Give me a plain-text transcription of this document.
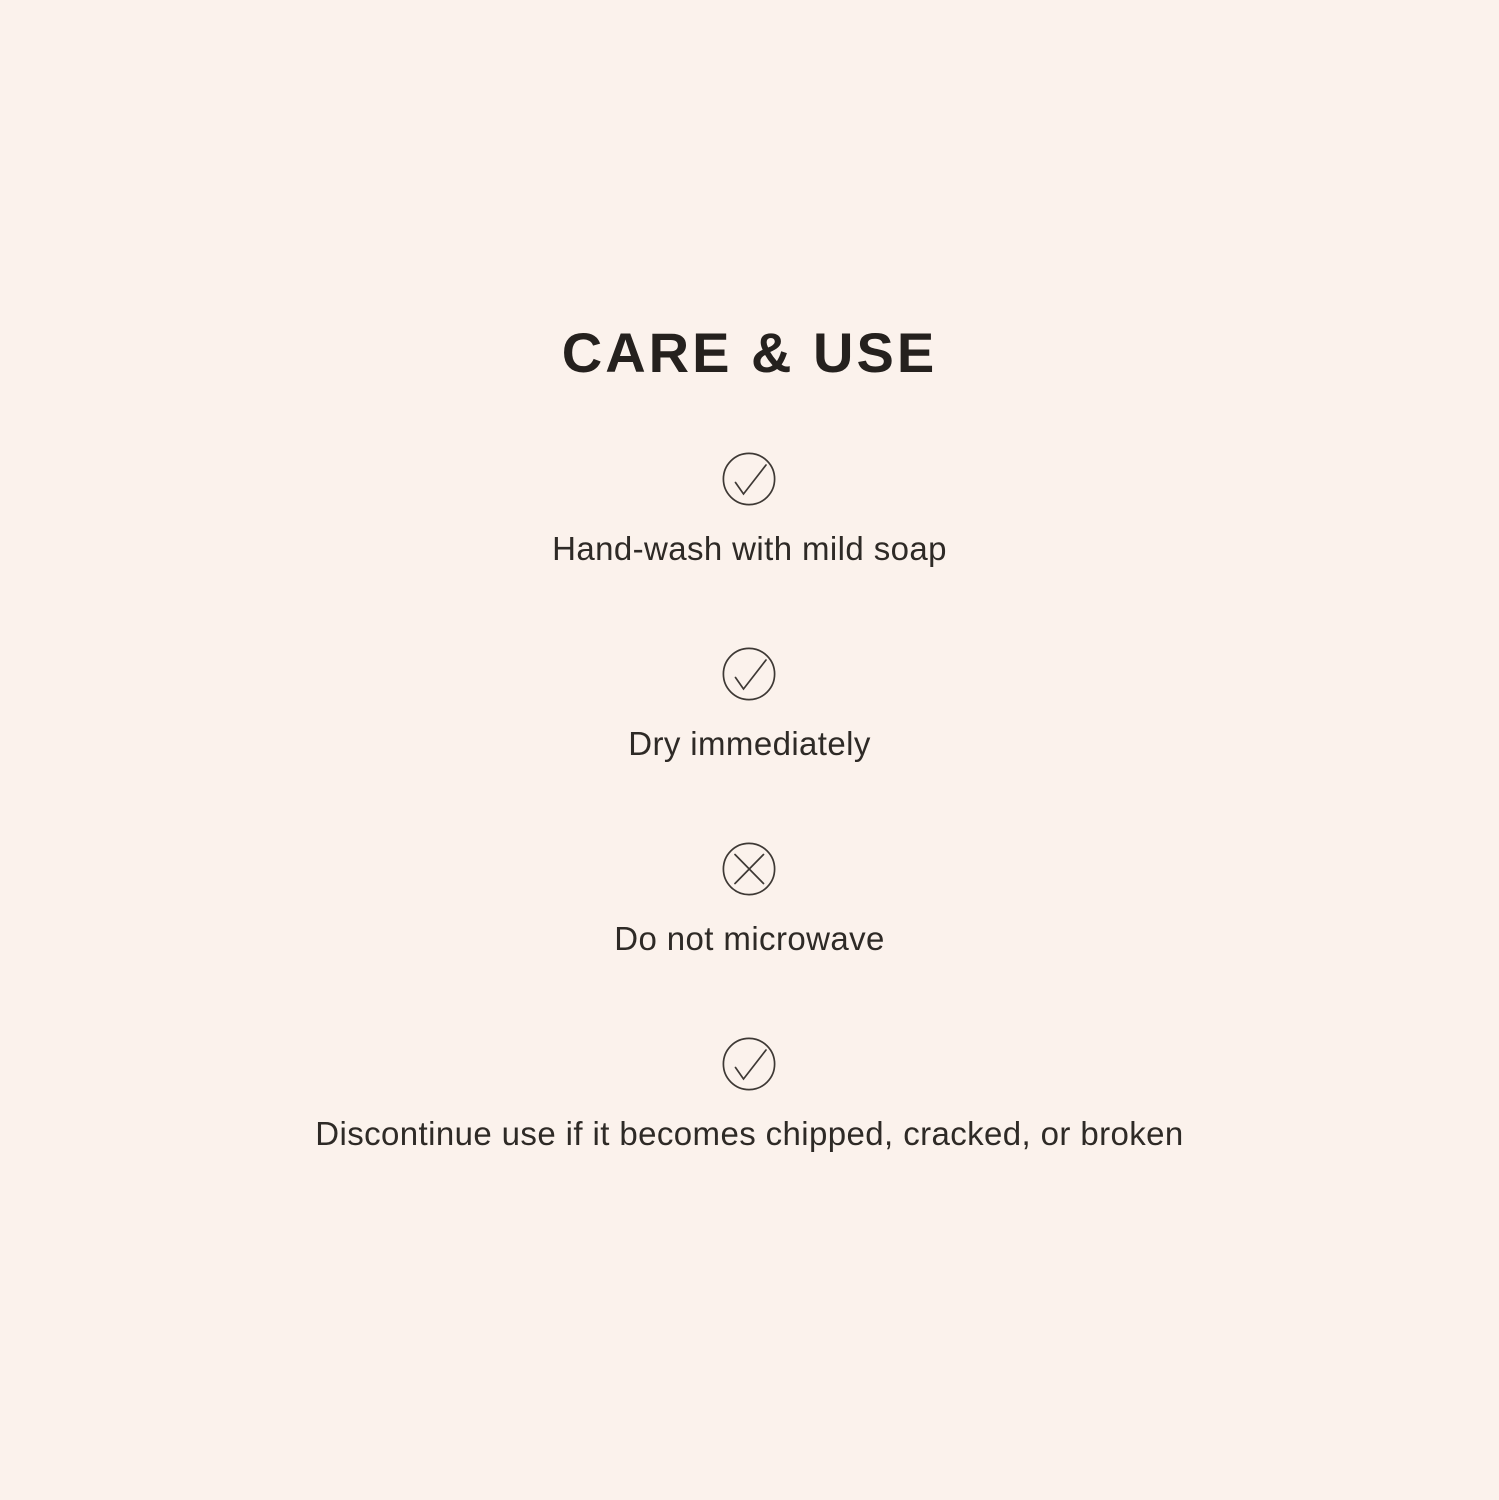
CARE & USE
Hand-wash with mild soap
Dry immediately
Do not microwave
Discontinue use if it becomes chipped, cracked, or broken
